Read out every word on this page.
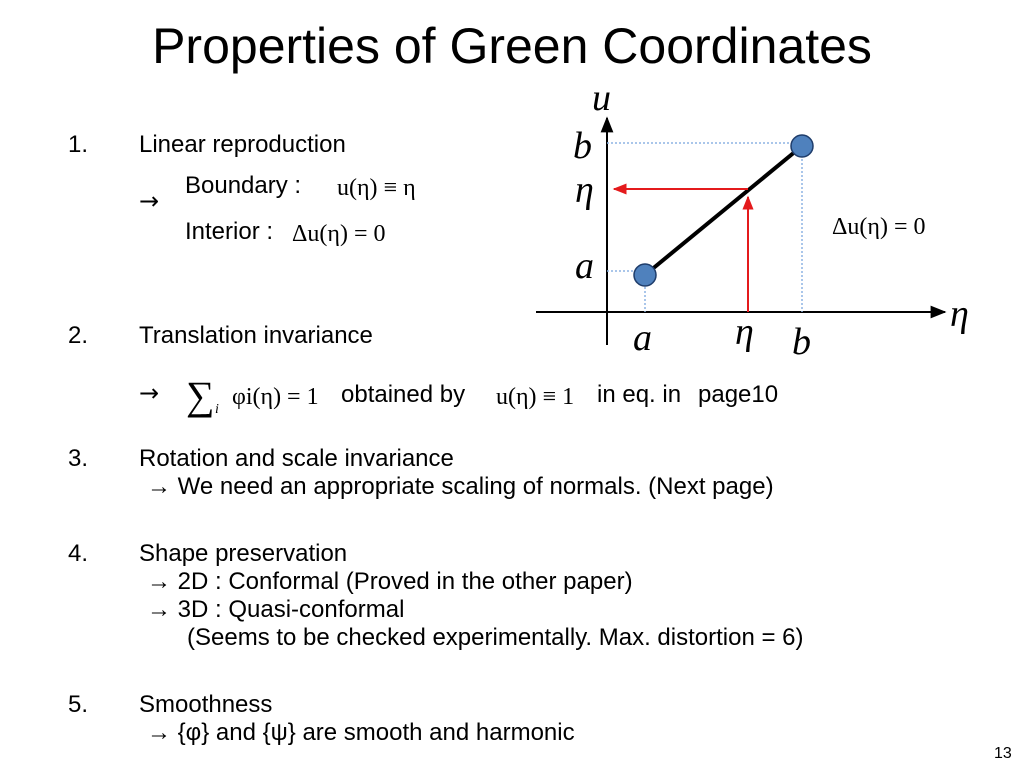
Properties of Green Coordinates
1. Linear reproduction
→
Boundary : u(η) ≡ η
Interior : Δu(η) = 0
2. Translation invariance
→ ∑ i φi(η) = 1 obtained by u(η) ≡ 1 in eq. in page10
3. Rotation and scale invariance
→ We need an appropriate scaling of normals. (Next page)
4. Shape preservation
→ 2D : Conformal (Proved in the other paper)
→ 3D : Quasi-conformal
(Seems to be checked experimentally. Max. distortion = 6)
5. Smoothness
→ {φ} and {ψ} are smooth and harmonic
u
η
b
η
a
a η b
Δu(η) = 0
13
